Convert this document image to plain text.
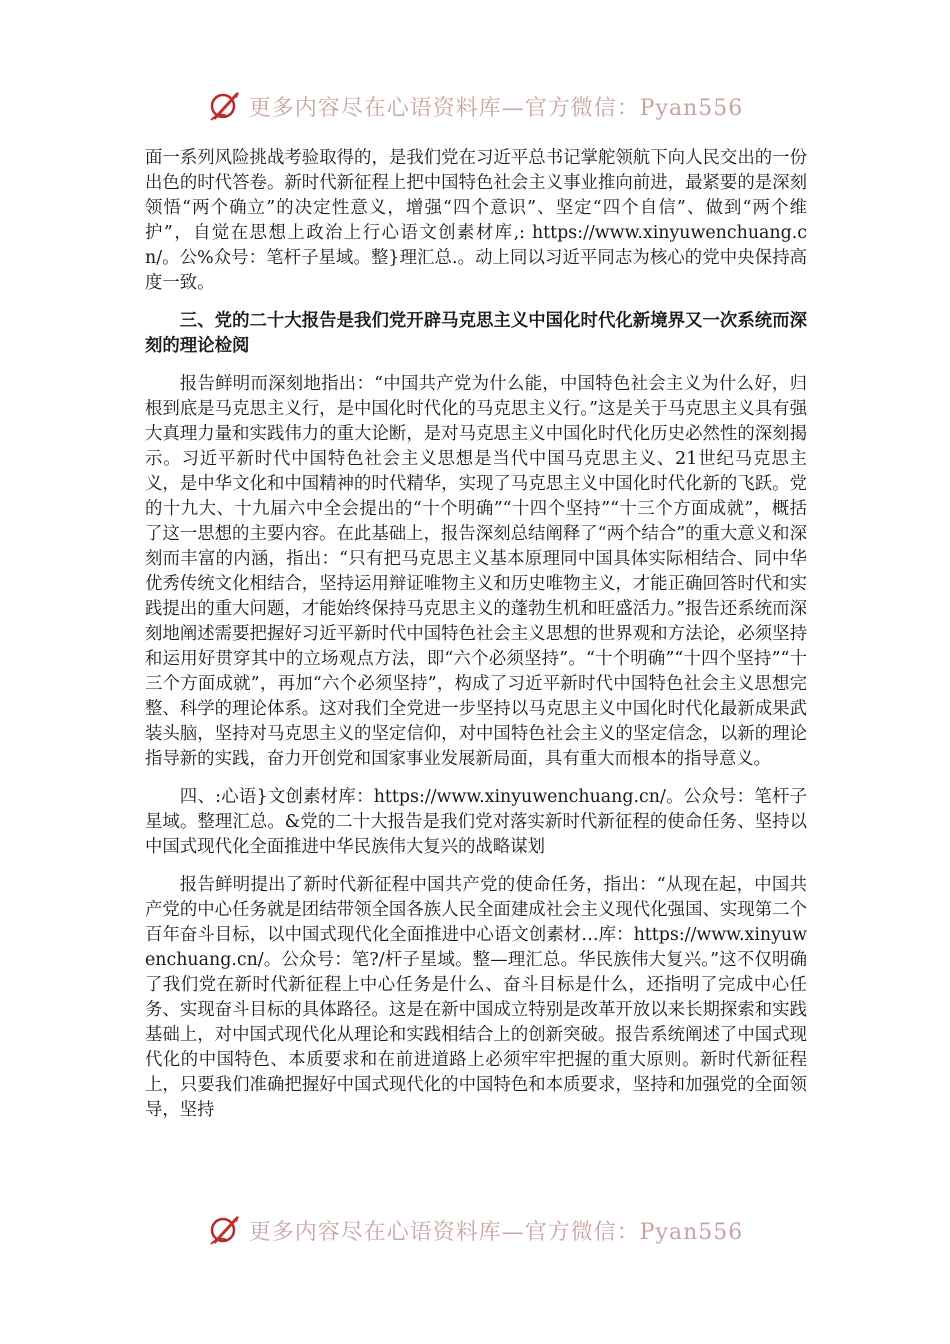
更多内容尽在心语资料库—官方微信：Pyan556

面一系列风险挑战考验取得的，是我们党在习近平总书记掌舵领航下向人民交出的一份出色的时代答卷。新时代新征程上把中国特色社会主义事业推向前进，最紧要的是深刻领悟“两个确立”的决定性意义，增强“四个意识”、坚定“四个自信”、做到“两个维护”，自觉在思想上政治上行心语文创素材库,: https://www.xinyuwenchuang.cn/。公%众号：笔杆子星域。整}理汇总.。动上同以习近平同志为核心的党中央保持高度一致。

三、党的二十大报告是我们党开辟马克思主义中国化时代化新境界又一次系统而深刻的理论检阅

报告鲜明而深刻地指出：“中国共产党为什么能，中国特色社会主义为什么好，归根到底是马克思主义行，是中国化时代化的马克思主义行。”这是关于马克思主义具有强大真理力量和实践伟力的重大论断，是对马克思主义中国化时代化历史必然性的深刻揭示。习近平新时代中国特色社会主义思想是当代中国马克思主义、21世纪马克思主义，是中华文化和中国精神的时代精华，实现了马克思主义中国化时代化新的飞跃。党的十九大、十九届六中全会提出的“十个明确”“十四个坚持”“十三个方面成就”，概括了这一思想的主要内容。在此基础上，报告深刻总结阐释了“两个结合”的重大意义和深刻而丰富的内涵，指出：“只有把马克思主义基本原理同中国具体实际相结合、同中华优秀传统文化相结合，坚持运用辩证唯物主义和历史唯物主义，才能正确回答时代和实践提出的重大问题，才能始终保持马克思主义的蓬勃生机和旺盛活力。”报告还系统而深刻地阐述需要把握好习近平新时代中国特色社会主义思想的世界观和方法论，必须坚持和运用好贯穿其中的立场观点方法，即“六个必须坚持”。“十个明确”“十四个坚持”“十三个方面成就”，再加“六个必须坚持”，构成了习近平新时代中国特色社会主义思想完整、科学的理论体系。这对我们全党进一步坚持以马克思主义中国化时代化最新成果武装头脑，坚持对马克思主义的坚定信仰，对中国特色社会主义的坚定信念，以新的理论指导新的实践，奋力开创党和国家事业发展新局面，具有重大而根本的指导意义。

四、:心语}文创素材库：https://www.xinyuwenchuang.cn/。公众号：笔杆子星域。整理汇总。&党的二十大报告是我们党对落实新时代新征程的使命任务、坚持以中国式现代化全面推进中华民族伟大复兴的战略谋划

报告鲜明提出了新时代新征程中国共产党的使命任务，指出：“从现在起，中国共产党的中心任务就是团结带领全国各族人民全面建成社会主义现代化强国、实现第二个百年奋斗目标，以中国式现代化全面推进中心语文创素材…库：https://www.xinyuwenchuang.cn/。公众号：笔?/杆子星域。整—理汇总。华民族伟大复兴。”这不仅明确了我们党在新时代新征程上中心任务是什么、奋斗目标是什么，还指明了完成中心任务、实现奋斗目标的具体路径。这是在新中国成立特别是改革开放以来长期探索和实践基础上，对中国式现代化从理论和实践相结合上的创新突破。报告系统阐述了中国式现代化的中国特色、本质要求和在前进道路上必须牢牢把握的重大原则。新时代新征程上，只要我们准确把握好中国式现代化的中国特色和本质要求，坚持和加强党的全面领导，坚持

更多内容尽在心语资料库—官方微信：Pyan556
